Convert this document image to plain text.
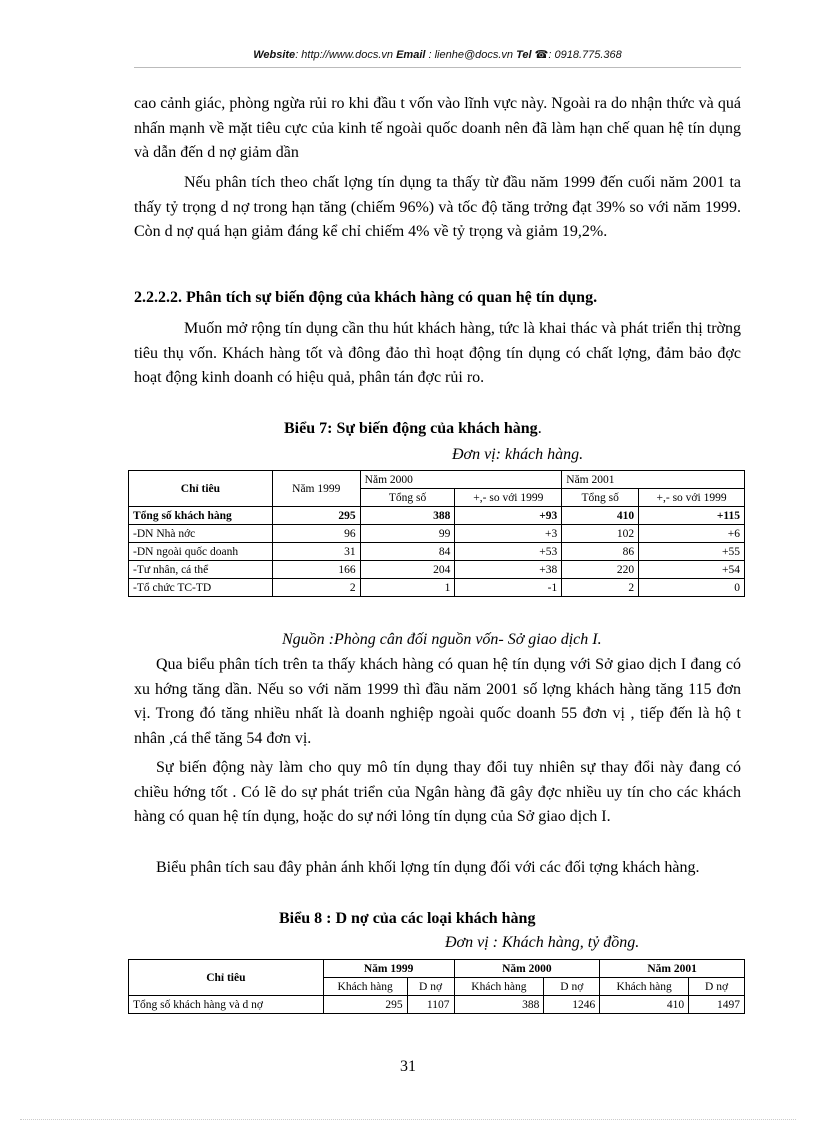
Website: http://www.docs.vn Email : lienhe@docs.vn Tel ☎: 0918.775.368

cao cảnh giác, phòng ngừa rủi ro khi đầu t vốn vào lĩnh vực này. Ngoài ra do nhận thức và quá nhấn mạnh về mặt tiêu cực của kinh tế ngoài quốc doanh nên đã làm hạn chế quan hệ tín dụng và dẫn đến d nợ giảm dần

Nếu phân tích theo chất lợng tín dụng ta thấy từ đầu năm 1999 đến cuối năm 2001 ta thấy tỷ trọng d nợ trong hạn tăng (chiếm 96%) và tốc độ tăng trởng đạt 39% so với năm 1999. Còn d nợ quá hạn giảm đáng kể chỉ chiếm 4% về tỷ trọng và giảm 19,2%.

2.2.2.2. Phân tích sự biến động của khách hàng có quan hệ tín dụng.

Muốn mở rộng tín dụng cần thu hút khách hàng, tức là khai thác và phát triển thị trờng tiêu thụ vốn. Khách hàng tốt và đông đảo thì hoạt động tín dụng có chất lợng, đảm bảo đợc hoạt động kinh doanh có hiệu quả, phân tán đợc rủi ro.

Biểu 7: Sự biến động của khách hàng.

Đơn vị: khách hàng.

Chỉ tiêu	Năm 1999	Năm 2000		Năm 2001	
		Tổng số	+,- so với 1999	Tổng số	+,- so với 1999
Tổng số khách hàng	295	388	+93	410	+115
-DN Nhà nớc	96	99	+3	102	+6
-DN ngoài quốc doanh	31	84	+53	86	+55
-Tư nhân, cá thể	166	204	+38	220	+54
-Tổ chức TC-TD	2	1	-1	2	0

Nguồn :Phòng cân đối nguồn vốn- Sở giao dịch I.

Qua biểu phân tích trên ta thấy khách hàng có quan hệ tín dụng với Sở giao dịch I đang có xu hớng tăng dần. Nếu so với năm 1999 thì đầu năm 2001 số lợng khách hàng tăng 115 đơn vị. Trong đó tăng nhiều nhất là doanh nghiệp ngoài quốc doanh 55 đơn vị , tiếp đến là hộ t nhân ,cá thể tăng 54 đơn vị.

Sự biến động này làm cho quy mô tín dụng thay đổi tuy nhiên sự thay đổi này đang có chiều hớng tốt . Có lẽ do sự phát triển của Ngân hàng đã gây đợc nhiều uy tín cho các khách hàng có quan hệ tín dụng, hoặc do sự nới lỏng tín dụng của Sở giao dịch I.

Biểu phân tích sau đây phản ánh khối lợng tín dụng đối với các đối tợng khách hàng.

Biểu 8 : D nợ của các loại khách hàng

Đơn vị : Khách hàng, tỷ đồng.

Chỉ tiêu	Năm 1999		Năm 2000		Năm 2001	
	Khách hàng	D nợ	Khách hàng	D nợ	Khách hàng	D nợ
Tổng số khách hàng và d nợ	295	1107	388	1246	410	1497
31
